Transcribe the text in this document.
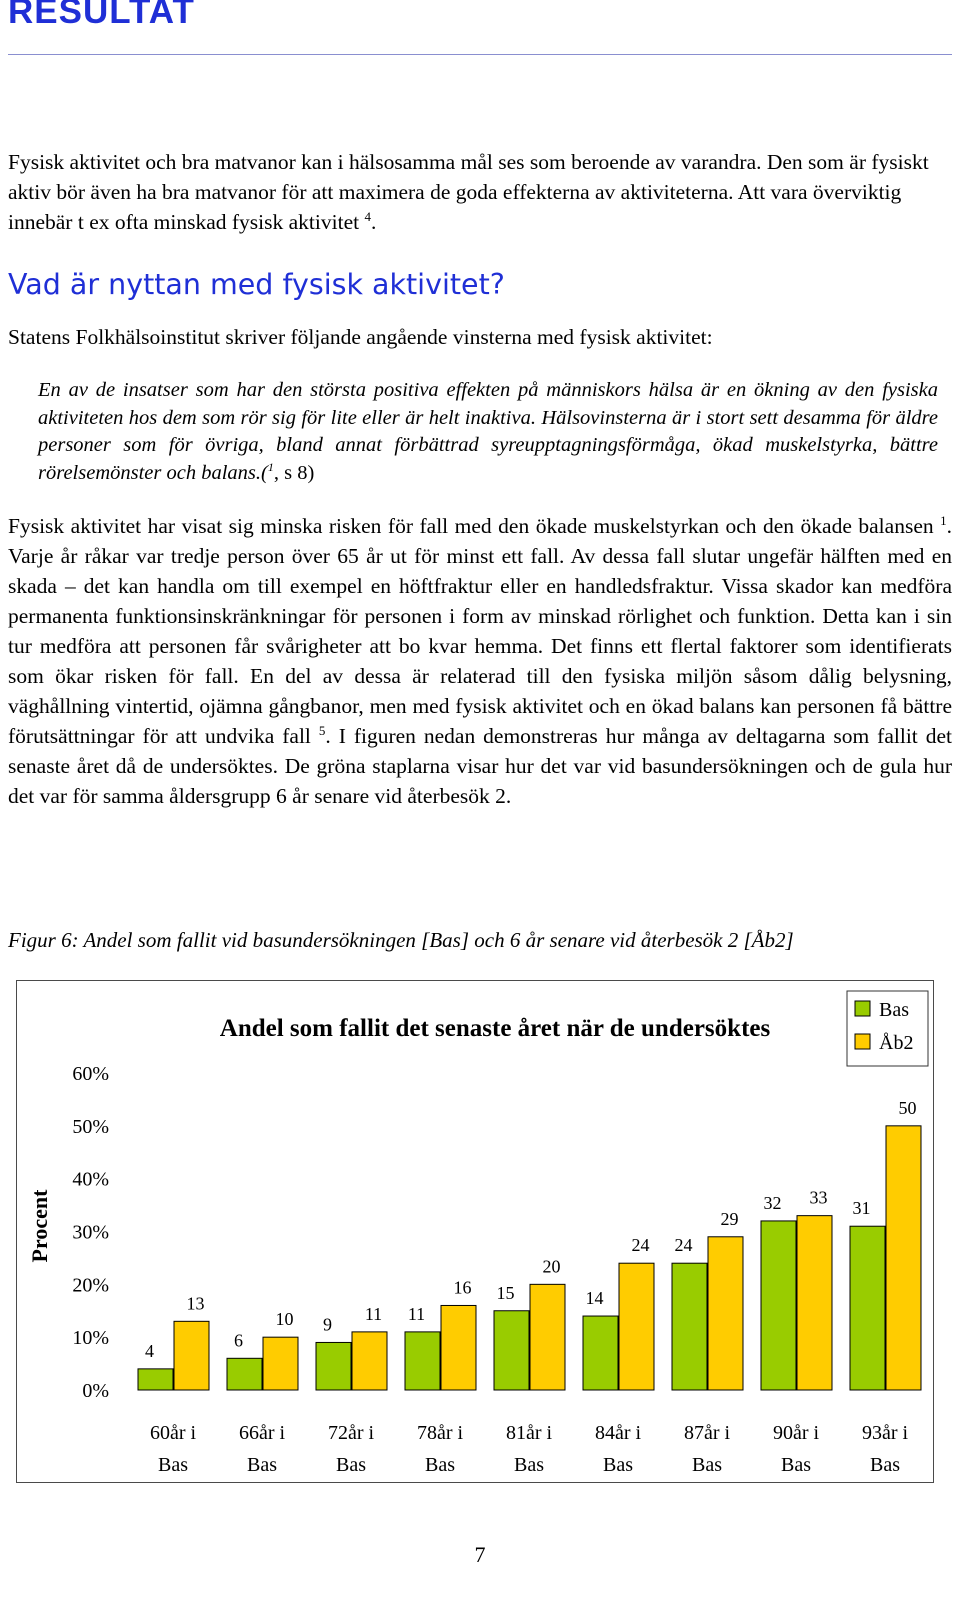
RESULTAT

Fysisk aktivitet och bra matvanor kan i hälsosamma mål ses som beroende av varandra. Den som är fysiskt aktiv bör även ha bra matvanor för att maximera de goda effekterna av aktiviteterna. Att vara överviktig innebär t ex ofta minskad fysisk aktivitet $^4$.

Vad är nyttan med fysisk aktivitet?

Statens Folkhälsoinstitut skriver följande angående vinsterna med fysisk aktivitet:

En av de insatser som har den största positiva effekten på människors hälsa är en ökning av den fysiska aktiviteten hos dem som rör sig för lite eller är helt inaktiva. Hälsovinsterna är i stort sett desamma för äldre personer som för övriga, bland annat förbättrad syreupptagningsförmåga, ökad muskelstyrka, bättre rörelsemönster och balans.($^1$, s 8)

Fysisk aktivitet har visat sig minska risken för fall med den ökade muskelstyrkan och den ökade balansen $^1$. Varje år råkar var tredje person över 65 år ut för minst ett fall. Av dessa fall slutar ungefär hälften med en skada – det kan handla om till exempel en höftfraktur eller en handledsfraktur. Vissa skador kan medföra permanenta funktionsinskränkningar för personen i form av minskad rörlighet och funktion. Detta kan i sin tur medföra att personen får svårigheter att bo kvar hemma. Det finns ett flertal faktorer som identifierats som ökar risken för fall. En del av dessa är relaterad till den fysiska miljön såsom dålig belysning, väghållning vintertid, ojämna gångbanor, men med fysisk aktivitet och en ökad balans kan personen få bättre förutsättningar för att undvika fall $^5$. I figuren nedan demonstreras hur många av deltagarna som fallit det senaste året då de undersöktes. De gröna staplarna visar hur det var vid basundersökningen och de gula hur det var för samma åldersgrupp 6 år senare vid återbesök 2.

Figur 6: Andel som fallit vid basundersökningen [Bas] och 6 år senare vid återbesök 2 [Åb2]
Andel som fallit det senaste året när de undersöktes
Procent
0%
10%
20%
30%
40%
50%
60%
4
6
9
11
15	14
24
32	31
13
10	11
16
20
24
29
33
50
60år i
Bas
66år i
Bas
72år i
Bas
78år i
Bas
81år i
Bas
84år i
Bas
87år i
Bas
90år i
Bas
93år i
Bas
Bas
Åb2
7
